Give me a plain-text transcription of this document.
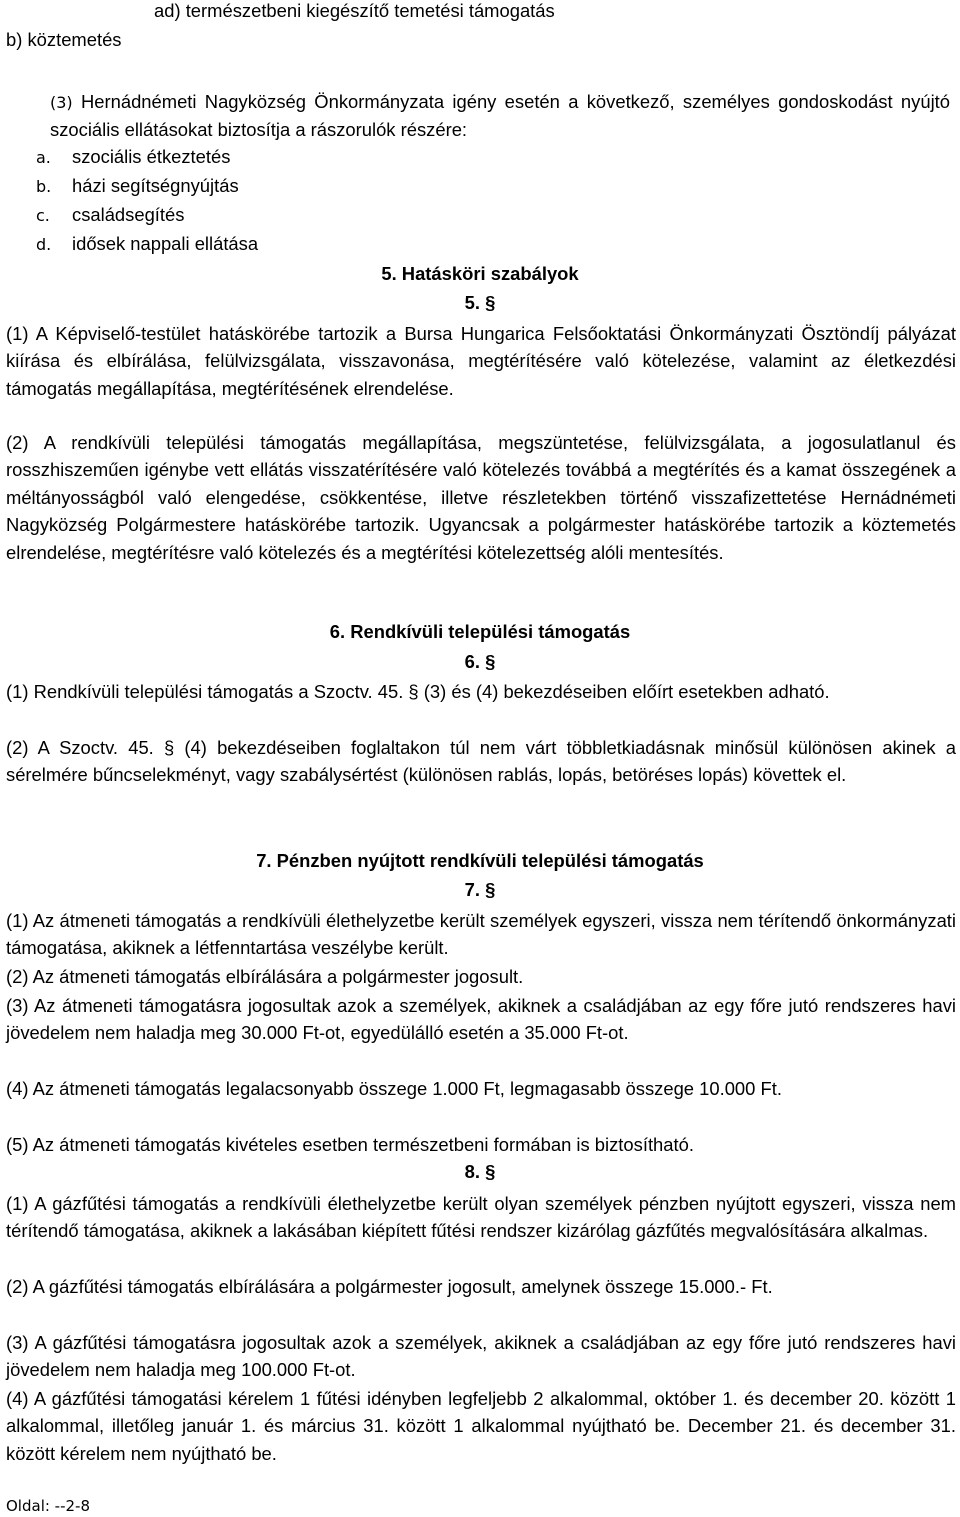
ad) természetbeni kiegészítő temetési támogatás
b) köztemetés
(3) Hernádnémeti Nagyközség Önkormányzata igény esetén a következő, személyes gondoskodást nyújtó szociális ellátásokat biztosítja a rászorulók részére:
a. szociális étkeztetés
b. házi segítségnyújtás
c. családsegítés
d. idősek nappali ellátása
5. Hatásköri szabályok
5. §
(1) A Képviselő-testület hatáskörébe tartozik a Bursa Hungarica Felsőoktatási Önkormányzati Ösztöndíj pályázat kiírása és elbírálása, felülvizsgálata, visszavonása, megtérítésére való kötelezése, valamint az életkezdési támogatás megállapítása, megtérítésének elrendelése.
(2) A rendkívüli települési támogatás megállapítása, megszüntetése, felülvizsgálata, a jogosulatlanul és rosszhiszeműen igénybe vett ellátás visszatérítésére való kötelezés továbbá a megtérítés és a kamat összegének a méltányosságból való elengedése, csökkentése, illetve részletekben történő visszafizettetése Hernádnémeti Nagyközség Polgármestere hatáskörébe tartozik. Ugyancsak a polgármester hatáskörébe tartozik a köztemetés elrendelése, megtérítésre való kötelezés és a megtérítési kötelezettség alóli mentesítés.
6. Rendkívüli települési támogatás
6. §
(1) Rendkívüli települési támogatás a Szoctv. 45. § (3) és (4) bekezdéseiben előírt esetekben adható.
(2) A Szoctv. 45. § (4) bekezdéseiben foglaltakon túl nem várt többletkiadásnak minősül különösen akinek a sérelmére bűncselekményt, vagy szabálysértést (különösen rablás, lopás, betöréses lopás) követtek el.
7. Pénzben nyújtott rendkívüli települési támogatás
7. §
(1) Az átmeneti támogatás a rendkívüli élethelyzetbe került személyek egyszeri, vissza nem térítendő önkormányzati támogatása, akiknek a létfenntartása veszélybe került.
(2) Az átmeneti támogatás elbírálására a polgármester jogosult.
(3) Az átmeneti támogatásra jogosultak azok a személyek, akiknek a családjában az egy főre jutó rendszeres havi jövedelem nem haladja meg 30.000 Ft-ot, egyedülálló esetén a 35.000 Ft-ot.
(4) Az átmeneti támogatás legalacsonyabb összege 1.000 Ft, legmagasabb összege 10.000 Ft.
(5) Az átmeneti támogatás kivételes esetben természetbeni formában is biztosítható.
8. §
(1) A gázfűtési támogatás a rendkívüli élethelyzetbe került olyan személyek pénzben nyújtott egyszeri, vissza nem térítendő támogatása, akiknek a lakásában kiépített fűtési rendszer kizárólag gázfűtés megvalósítására alkalmas.
(2) A gázfűtési támogatás elbírálására a polgármester jogosult, amelynek összege 15.000.- Ft.
(3) A gázfűtési támogatásra jogosultak azok a személyek, akiknek a családjában az egy főre jutó rendszeres havi jövedelem nem haladja meg 100.000 Ft-ot.
(4) A gázfűtési támogatási kérelem 1 fűtési idényben legfeljebb 2 alkalommal, október 1. és december 20. között 1 alkalommal, illetőleg január 1. és március 31. között 1 alkalommal nyújtható be. December 21. és december 31. között kérelem nem nyújtható be.
Oldal: --2-8
